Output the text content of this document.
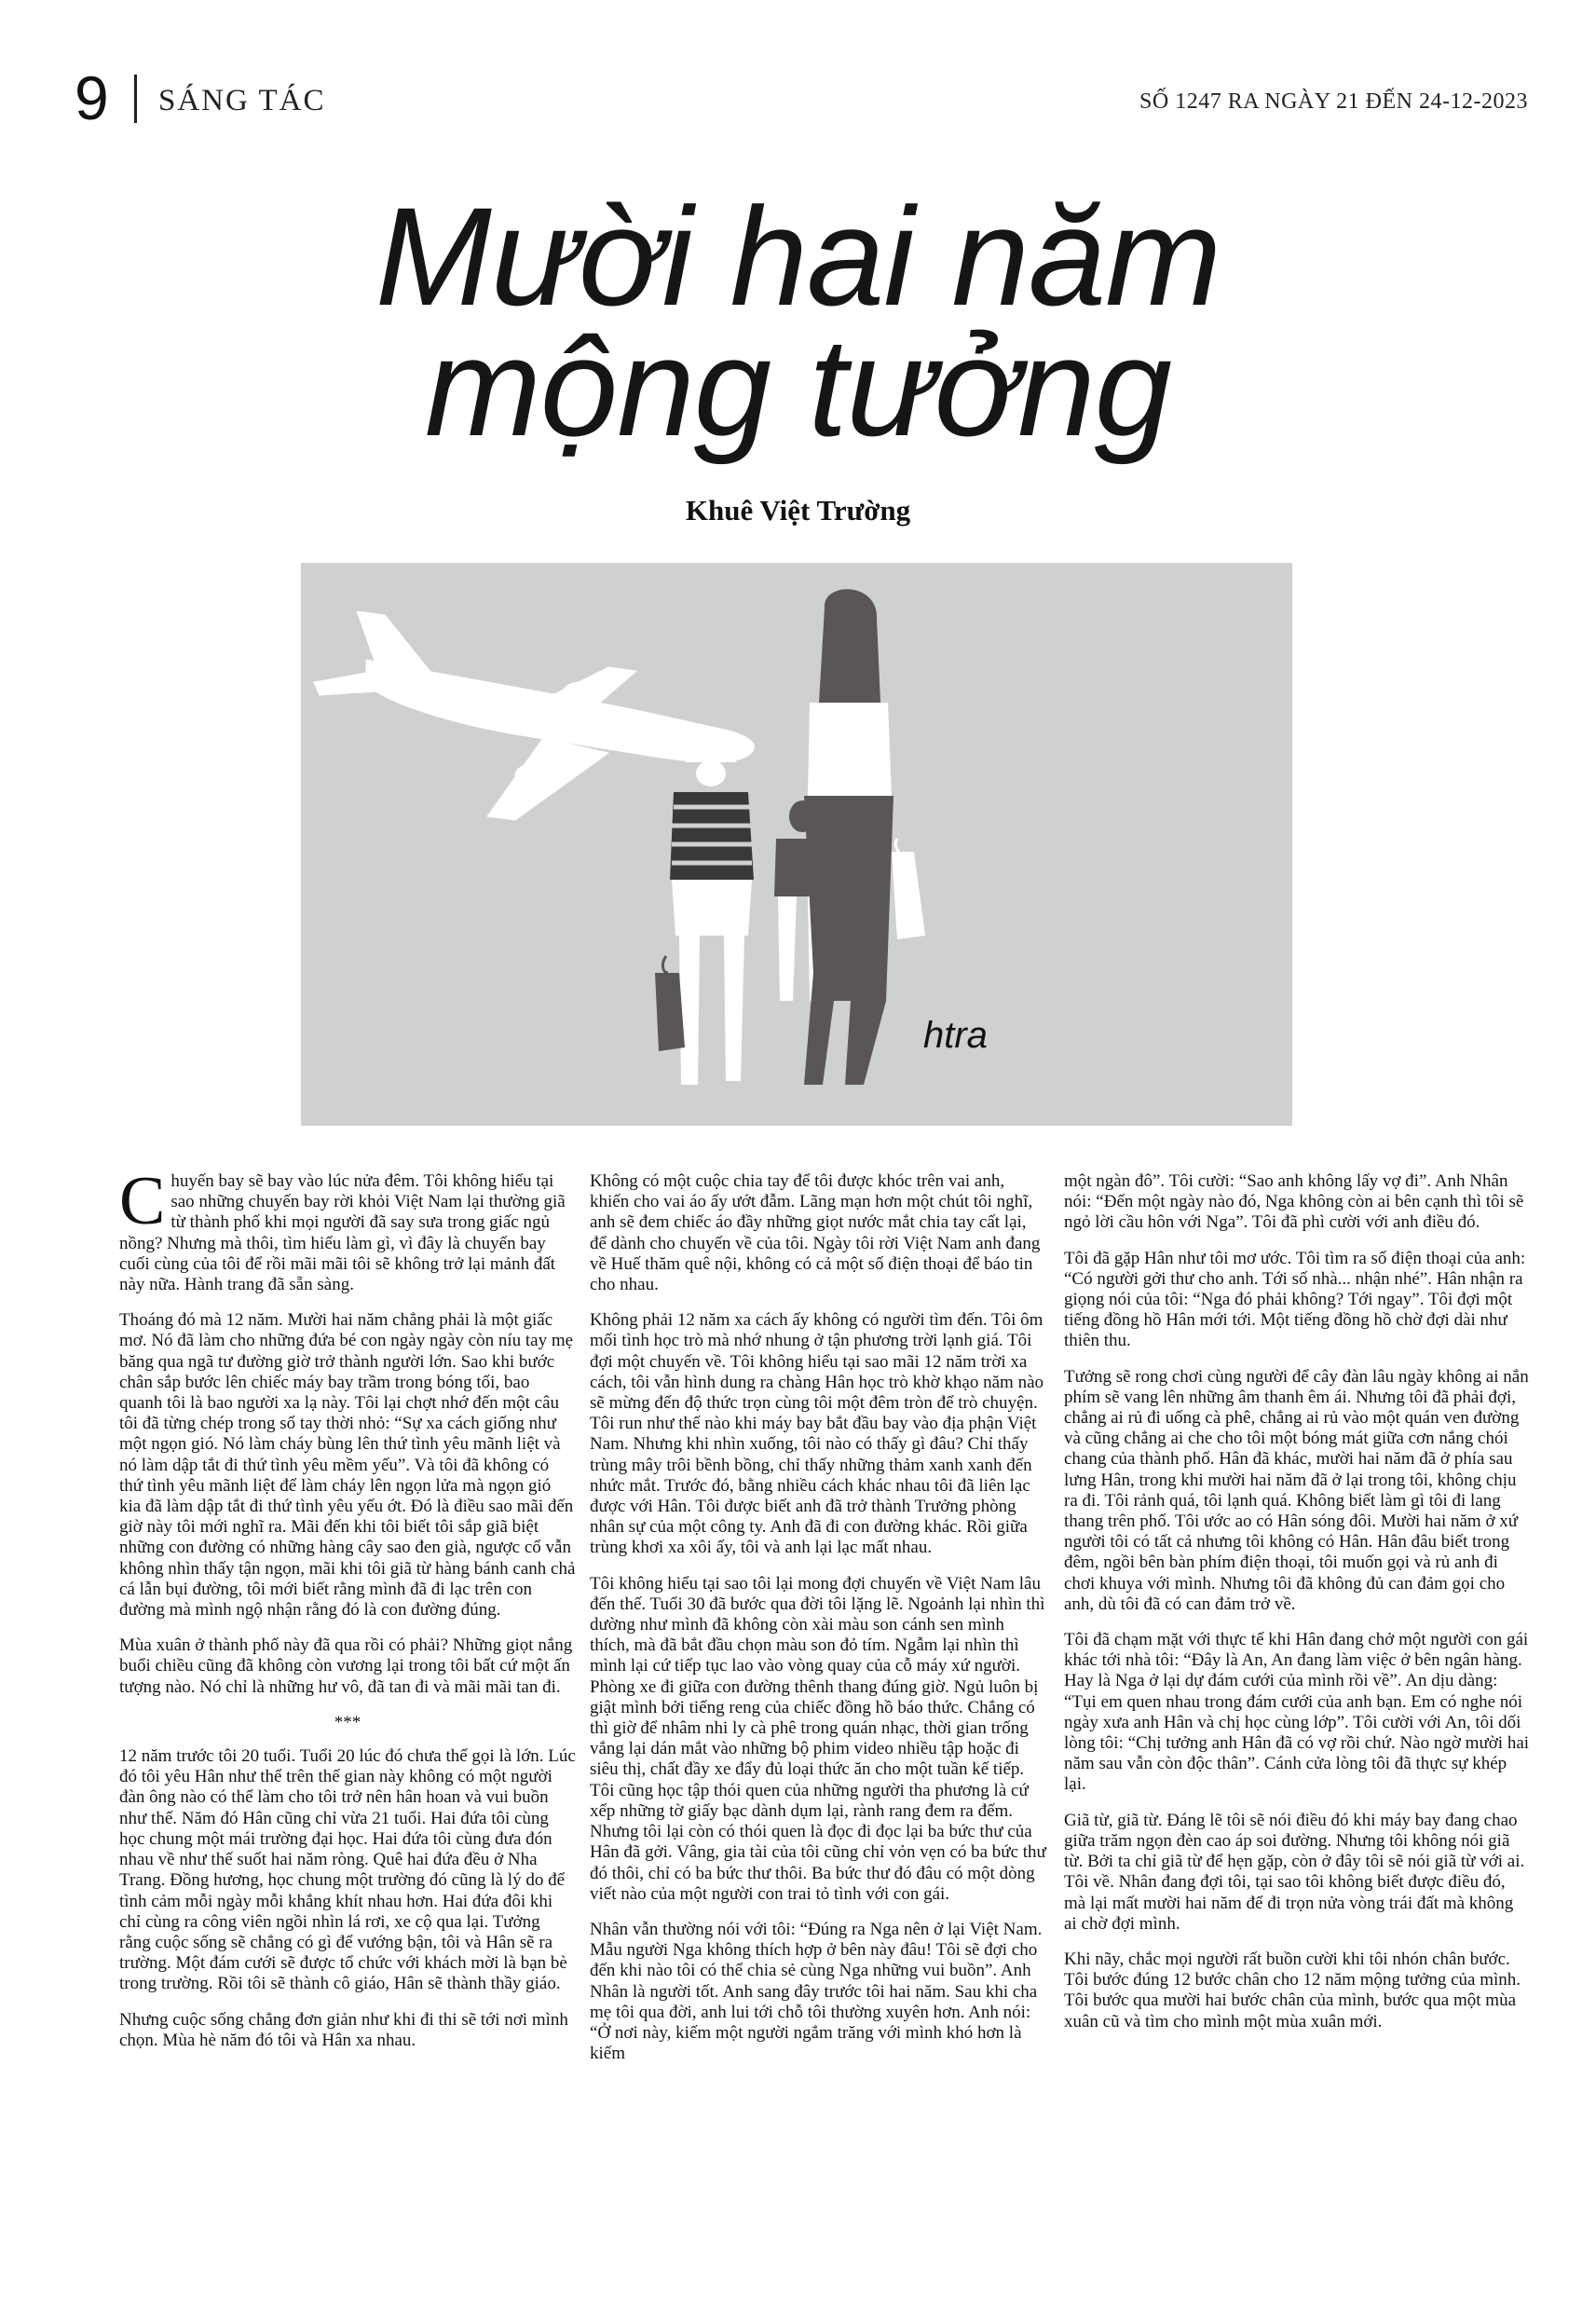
9 SÁNG TÁC	SỐ 1247 RA NGÀY 21 ĐẾN 24-12-2023
Mười hai năm
mộng tưởng
Khuê Việt Trường
htra

Chuyến bay sẽ bay vào lúc nửa đêm. Tôi không hiểu tại sao những chuyến bay rời khỏi Việt Nam lại thường giã từ thành phố khi mọi người đã say sưa trong giấc ngủ nồng? Nhưng mà thôi, tìm hiểu làm gì, vì đây là chuyến bay cuối cùng của tôi để rồi mãi mãi tôi sẽ không trở lại mảnh đất này nữa. Hành trang đã sẵn sàng.

Thoáng đó mà 12 năm. Mười hai năm chẳng phải là một giấc mơ. Nó đã làm cho những đứa bé con ngày ngày còn níu tay mẹ băng qua ngã tư đường giờ trở thành người lớn. Sao khi bước chân sắp bước lên chiếc máy bay trầm trong bóng tối, bao quanh tôi là bao người xa lạ này. Tôi lại chợt nhớ đến một câu tôi đã từng chép trong sổ tay thời nhỏ: “Sự xa cách giống như một ngọn gió. Nó làm cháy bùng lên thứ tình yêu mãnh liệt và nó làm dập tắt đi thứ tình yêu mềm yếu”. Và tôi đã không có thứ tình yêu mãnh liệt để làm cháy lên ngọn lửa mà ngọn gió kia đã làm dập tắt đi thứ tình yêu yếu ớt. Đó là điều sao mãi đến giờ này tôi mới nghĩ ra. Mãi đến khi tôi biết tôi sắp giã biệt những con đường có những hàng cây sao đen già, ngược cổ vẫn không nhìn thấy tận ngọn, mãi khi tôi giã từ hàng bánh canh chả cá lẫn bụi đường, tôi mới biết rằng mình đã đi lạc trên con đường mà mình ngộ nhận rằng đó là con đường đúng.

Mùa xuân ở thành phố này đã qua rồi có phải? Những giọt nắng buổi chiều cũng đã không còn vương lại trong tôi bất cứ một ấn tượng nào. Nó chỉ là những hư vô, đã tan đi và mãi mãi tan đi.

***

12 năm trước tôi 20 tuổi. Tuổi 20 lúc đó chưa thể gọi là lớn. Lúc đó tôi yêu Hân như thể trên thế gian này không có một người đàn ông nào có thể làm cho tôi trở nên hân hoan và vui buồn như thế. Năm đó Hân cũng chỉ vừa 21 tuổi. Hai đứa tôi cùng học chung một mái trường đại học. Hai đứa tôi cùng đưa đón nhau về như thế suốt hai năm ròng. Quê hai đứa đều ở Nha Trang. Đồng hương, học chung một trường đó cũng là lý do để tình cảm mỗi ngày mỗi khắng khít nhau hơn. Hai đứa đôi khi chỉ cùng ra công viên ngồi nhìn lá rơi, xe cộ qua lại. Tưởng rằng cuộc sống sẽ chẳng có gì để vướng bận, tôi và Hân sẽ ra trường. Một đám cưới sẽ được tổ chức với khách mời là bạn bè trong trường. Rồi tôi sẽ thành cô giáo, Hân sẽ thành thầy giáo.

Nhưng cuộc sống chẳng đơn giản như khi đi thi sẽ tới nơi mình chọn. Mùa hè năm đó tôi và Hân xa nhau.

Không có một cuộc chia tay để tôi được khóc trên vai anh, khiến cho vai áo ấy ướt đẫm. Lãng mạn hơn một chút tôi nghĩ, anh sẽ đem chiếc áo đầy những giọt nước mắt chia tay cất lại, để dành cho chuyến về của tôi. Ngày tôi rời Việt Nam anh đang về Huế thăm quê nội, không có cả một số điện thoại để báo tin cho nhau.

Không phải 12 năm xa cách ấy không có người tìm đến. Tôi ôm mối tình học trò mà nhớ nhung ở tận phương trời lạnh giá. Tôi đợi một chuyến về. Tôi không hiểu tại sao mãi 12 năm trời xa cách, tôi vẫn hình dung ra chàng Hân học trò khờ khạo năm nào sẽ mừng đến độ thức trọn cùng tôi một đêm tròn để trò chuyện. Tôi run như thế nào khi máy bay bắt đầu bay vào địa phận Việt Nam. Nhưng khi nhìn xuống, tôi nào có thấy gì đâu? Chỉ thấy trùng mây trôi bềnh bồng, chỉ thấy những thảm xanh xanh đến nhức mắt. Trước đó, bằng nhiều cách khác nhau tôi đã liên lạc được với Hân. Tôi được biết anh đã trở thành Trưởng phòng nhân sự của một công ty. Anh đã đi con đường khác. Rồi giữa trùng khơi xa xôi ấy, tôi và anh lại lạc mất nhau.

Tôi không hiểu tại sao tôi lại mong đợi chuyến về Việt Nam lâu đến thế. Tuổi 30 đã bước qua đời tôi lặng lẽ. Ngoảnh lại nhìn thì dường như mình đã không còn xài màu son cánh sen mình thích, mà đã bắt đầu chọn màu son đỏ tím. Ngẫm lại nhìn thì mình lại cứ tiếp tục lao vào vòng quay của cỗ máy xứ người. Phòng xe đi giữa con đường thênh thang đúng giờ. Ngủ luôn bị giật mình bởi tiếng reng của chiếc đồng hồ báo thức. Chẳng có thì giờ để nhâm nhi ly cà phê trong quán nhạc, thời gian trống vắng lại dán mắt vào những bộ phim video nhiều tập hoặc đi siêu thị, chất đầy xe đẩy đủ loại thức ăn cho một tuần kế tiếp. Tôi cũng học tập thói quen của những người tha phương là cứ xếp những tờ giấy bạc dành dụm lại, rành rang đem ra đếm. Nhưng tôi lại còn có thói quen là đọc đi đọc lại ba bức thư của Hân đã gởi. Vâng, gia tài của tôi cũng chỉ vỏn vẹn có ba bức thư đó thôi, chỉ có ba bức thư thôi. Ba bức thư đó đâu có một dòng viết nào của một người con trai tỏ tình với con gái.

Nhân vẫn thường nói với tôi: “Đúng ra Nga nên ở lại Việt Nam. Mẫu người Nga không thích hợp ở bên này đâu! Tôi sẽ đợi cho đến khi nào tôi có thể chia sẻ cùng Nga những vui buồn”. Anh Nhân là người tốt. Anh sang đây trước tôi hai năm. Sau khi cha mẹ tôi qua đời, anh lui tới chỗ tôi thường xuyên hơn. Anh nói: “Ở nơi này, kiếm một người ngắm trăng với mình khó hơn là kiếm

một ngàn đô”. Tôi cười: “Sao anh không lấy vợ đi”. Anh Nhân nói: “Đến một ngày nào đó, Nga không còn ai bên cạnh thì tôi sẽ ngỏ lời cầu hôn với Nga”. Tôi đã phì cười với anh điều đó.

Tôi đã gặp Hân như tôi mơ ước. Tôi tìm ra số điện thoại của anh: “Có người gởi thư cho anh. Tới số nhà... nhận nhé”. Hân nhận ra giọng nói của tôi: “Nga đó phải không? Tới ngay”. Tôi đợi một tiếng đồng hồ Hân mới tới. Một tiếng đồng hồ chờ đợi dài như thiên thu.

Tưởng sẽ rong chơi cùng người để cây đàn lâu ngày không ai nắn phím sẽ vang lên những âm thanh êm ái. Nhưng tôi đã phải đợi, chẳng ai rủ đi uống cà phê, chẳng ai rủ vào một quán ven đường và cũng chẳng ai che cho tôi một bóng mát giữa cơn nắng chói chang của thành phố. Hân đã khác, mười hai năm đã ở phía sau lưng Hân, trong khi mười hai năm đã ở lại trong tôi, không chịu ra đi. Tôi rảnh quá, tôi lạnh quá. Không biết làm gì tôi đi lang thang trên phố. Tôi ước ao có Hân sóng đôi. Mười hai năm ở xứ người tôi có tất cả nhưng tôi không có Hân. Hân đâu biết trong đêm, ngồi bên bàn phím điện thoại, tôi muốn gọi và rủ anh đi chơi khuya với mình. Nhưng tôi đã không đủ can đảm gọi cho anh, dù tôi đã có can đảm trở về.

Tôi đã chạm mặt với thực tế khi Hân đang chở một người con gái khác tới nhà tôi: “Đây là An, An đang làm việc ở bên ngân hàng. Hay là Nga ở lại dự đám cưới của mình rồi về”. An dịu dàng: “Tụi em quen nhau trong đám cưới của anh bạn. Em có nghe nói ngày xưa anh Hân và chị học cùng lớp”. Tôi cười với An, tôi dối lòng tôi: “Chị tưởng anh Hân đã có vợ rồi chứ. Nào ngờ mười hai năm sau vẫn còn độc thân”. Cánh cửa lòng tôi đã thực sự khép lại.

Giã từ, giã từ. Đáng lẽ tôi sẽ nói điều đó khi máy bay đang chao giữa trăm ngọn đèn cao áp soi đường. Nhưng tôi không nói giã từ. Bởi ta chỉ giã từ để hẹn gặp, còn ở đây tôi sẽ nói giã từ với ai. Tôi về. Nhân đang đợi tôi, tại sao tôi không biết được điều đó, mà lại mất mười hai năm để đi trọn nửa vòng trái đất mà không ai chờ đợi mình.

Khi nãy, chắc mọi người rất buồn cười khi tôi nhón chân bước. Tôi bước đúng 12 bước chân cho 12 năm mộng tưởng của mình. Tôi bước qua mười hai bước chân của mình, bước qua một mùa xuân cũ và tìm cho mình một mùa xuân mới.
